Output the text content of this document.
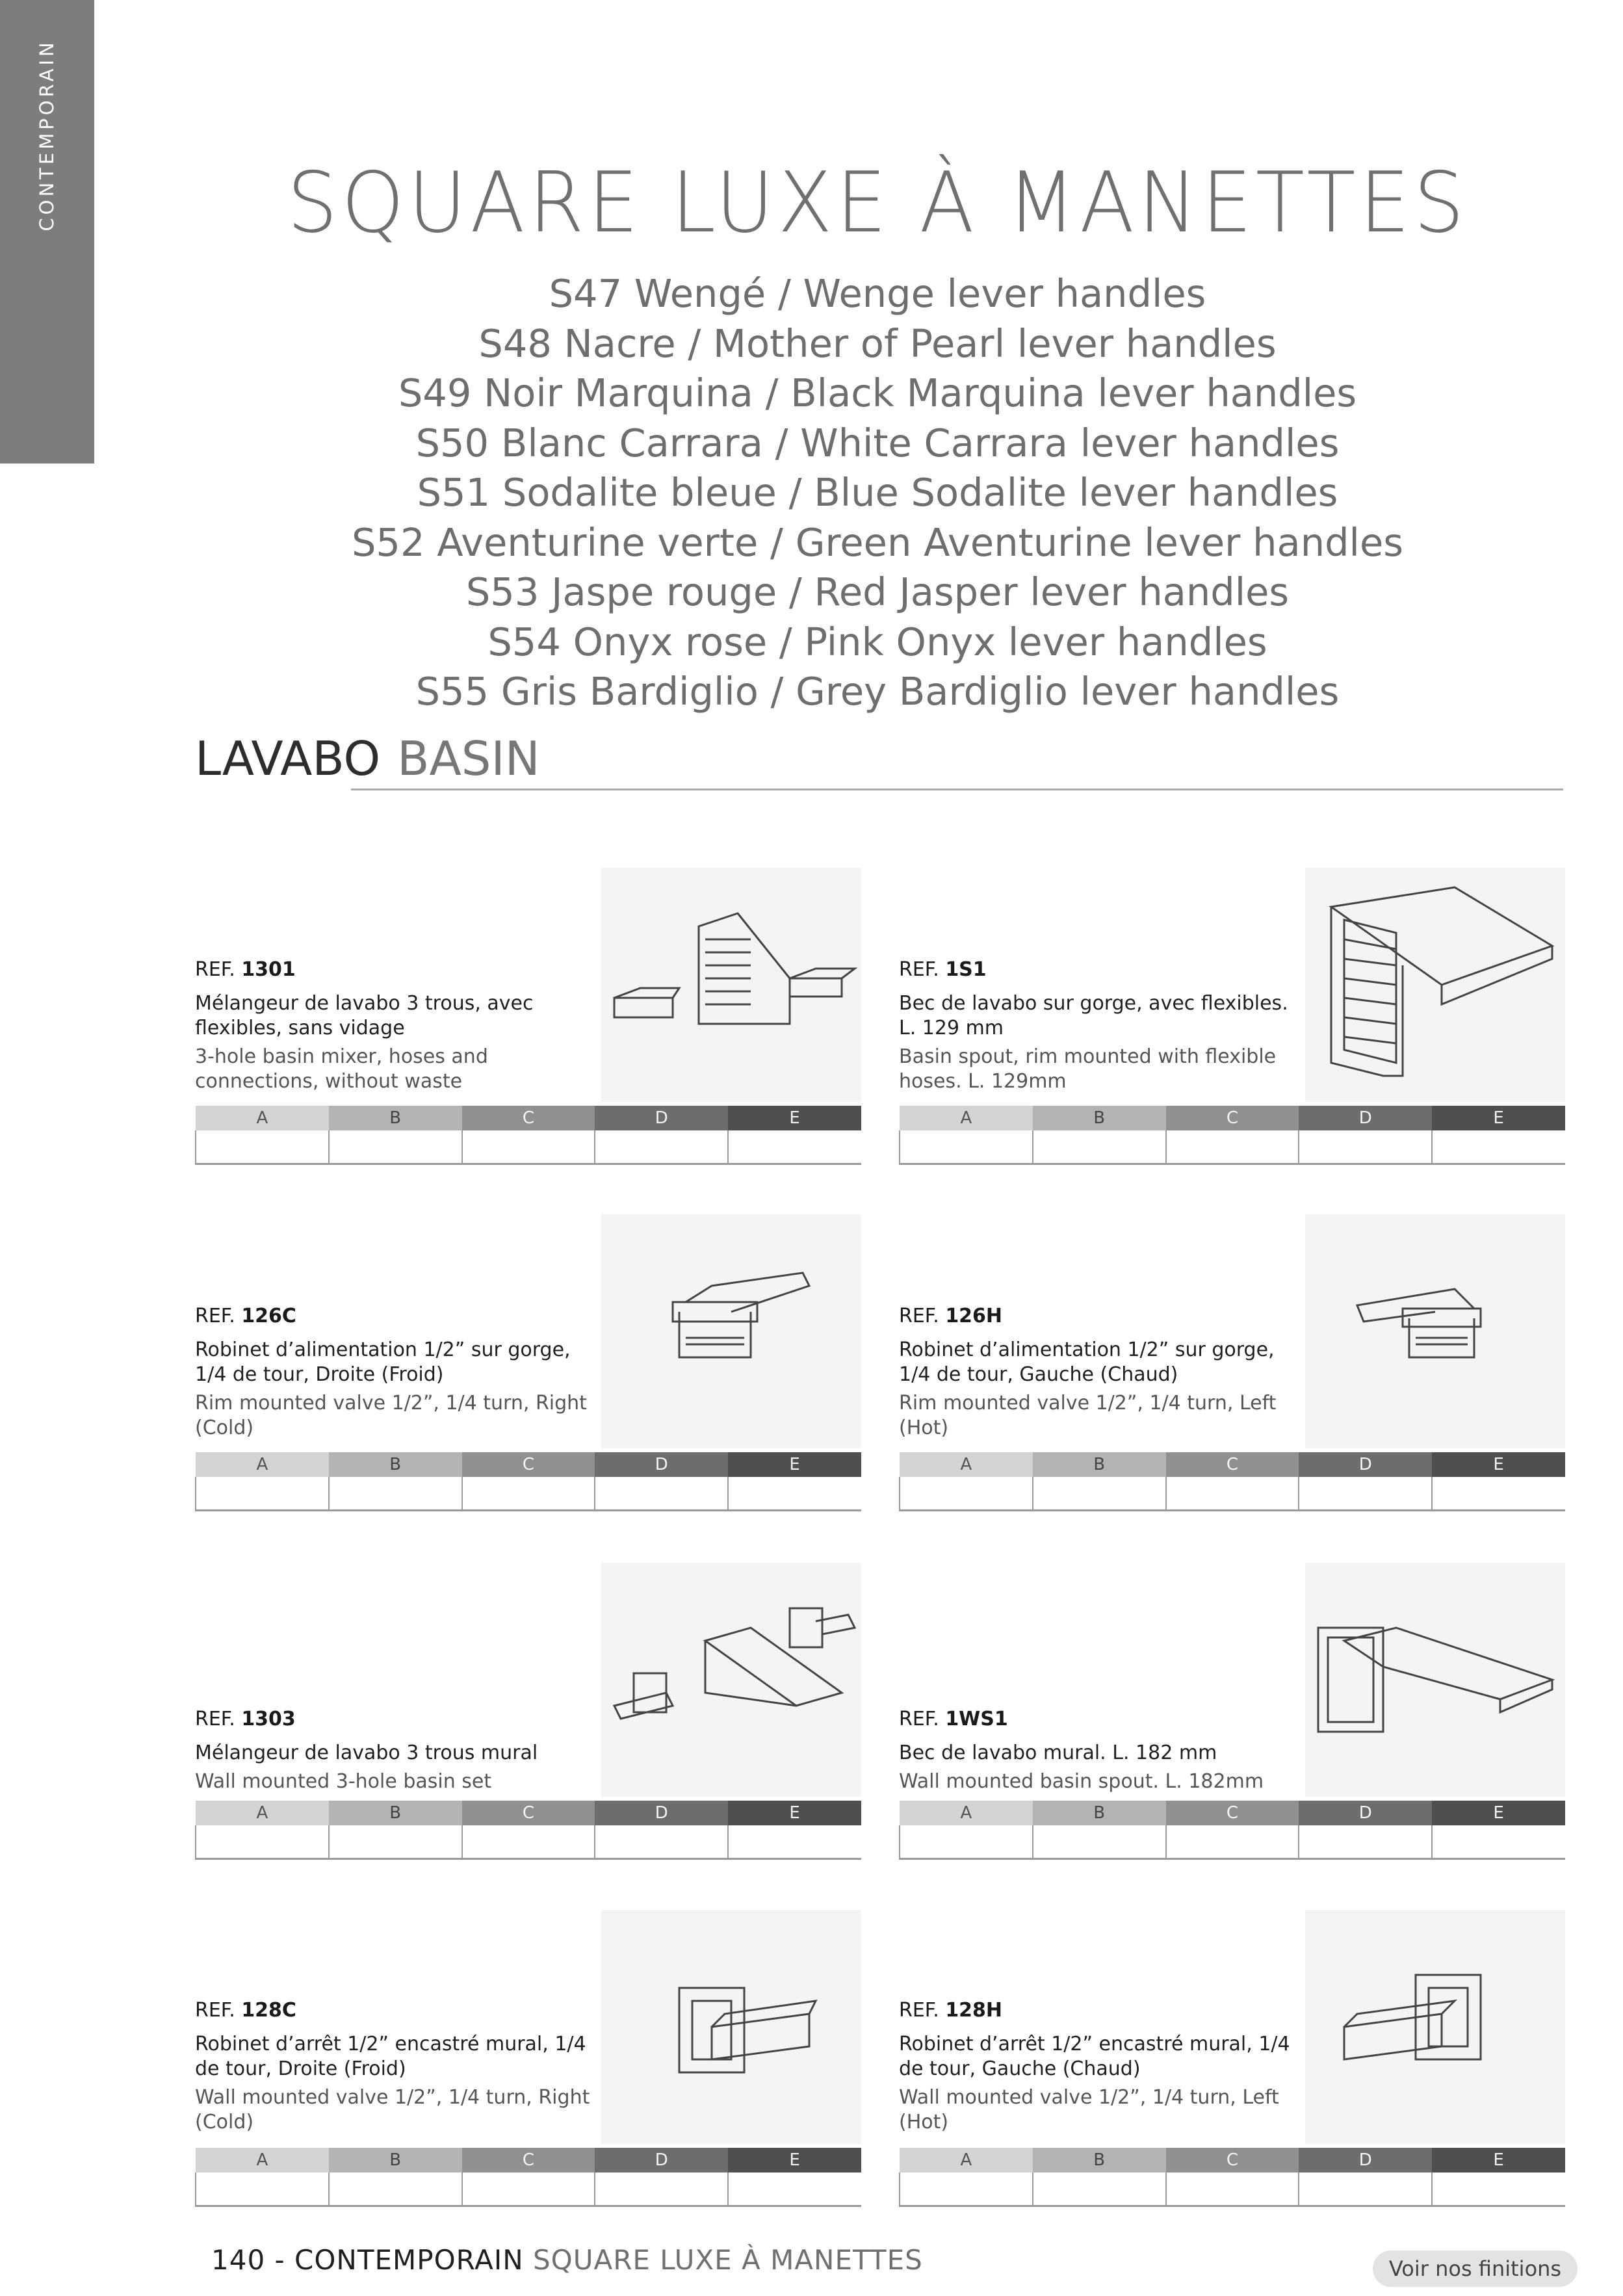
CONTEMPORAIN	SQUARE LUXE À MANETTES
S47 Wengé / Wenge lever handles
S48 Nacre / Mother of Pearl lever handles
S49 Noir Marquina / Black Marquina lever handles
S50 Blanc Carrara / White Carrara lever handles
S51 Sodalite bleue / Blue Sodalite lever handles
S52 Aventurine verte / Green Aventurine lever handles
S53 Jaspe rouge / Red Jasper lever handles
S54 Onyx rose / Pink Onyx lever handles
S55 Gris Bardiglio / Grey Bardiglio lever handles
LAVABO BASIN
REF. 1301
Mélangeur de lavabo 3 trous, avec flexibles, sans vidage
3-hole basin mixer, hoses and connections, without waste
A	B	C	D	E

REF. 1S1
Bec de lavabo sur gorge, avec flexibles. L. 129 mm
Basin spout, rim mounted with flexible hoses. L. 129mm
A	B	C	D	E

REF. 126C
Robinet d’alimentation 1/2” sur gorge, 1/4 de tour, Droite (Froid)
Rim mounted valve 1/2”, 1/4 turn, Right (Cold)
A	B	C	D	E

REF. 126H
Robinet d’alimentation 1/2” sur gorge, 1/4 de tour, Gauche (Chaud)
Rim mounted valve 1/2”, 1/4 turn, Left (Hot)
A	B	C	D	E

REF. 1303
Mélangeur de lavabo 3 trous mural
Wall mounted 3-hole basin set
A	B	C	D	E

REF. 1WS1
Bec de lavabo mural. L. 182 mm
Wall mounted basin spout. L. 182mm
A	B	C	D	E

REF. 128C
Robinet d’arrêt 1/2” encastré mural, 1/4 de tour, Droite (Froid)
Wall mounted valve 1/2”, 1/4 turn, Right (Cold)
A	B	C	D	E

REF. 128H
Robinet d’arrêt 1/2” encastré mural, 1/4 de tour, Gauche (Chaud)
Wall mounted valve 1/2”, 1/4 turn, Left (Hot)
A	B	C	D	E

140 - CONTEMPORAIN SQUARE LUXE À MANETTES	Voir nos finitions
